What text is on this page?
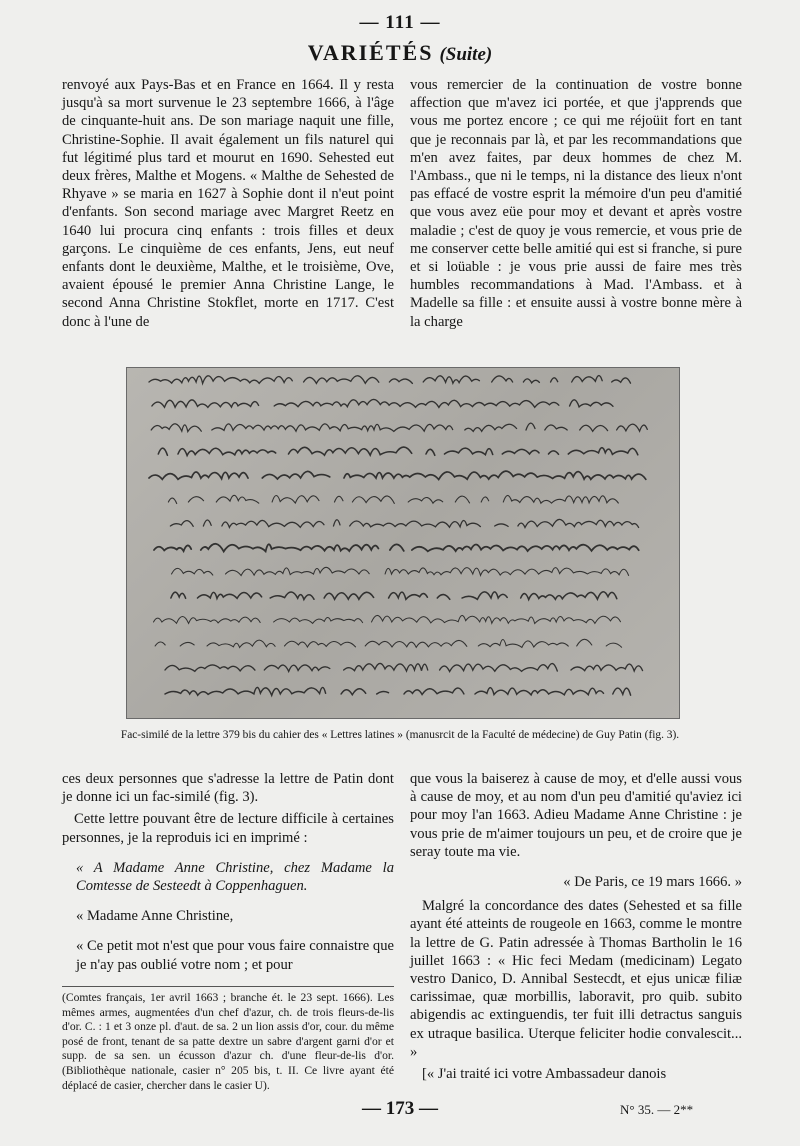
— 111 —
VARIÉTÉS (Suite)

renvoyé aux Pays-Bas et en France en 1664. Il y resta jusqu'à sa mort survenue le 23 septembre 1666, à l'âge de cinquante-huit ans. De son mariage naquit une fille, Christine-Sophie. Il avait également un fils naturel qui fut légitimé plus tard et mourut en 1690. Sehested eut deux frères, Malthe et Mogens. « Malthe de Sehested de Rhyave » se maria en 1627 à Sophie dont il n'eut point d'enfants. Son second mariage avec Margret Reetz en 1640 lui procura cinq enfants : trois filles et deux garçons. Le cinquième de ces enfants, Jens, eut neuf enfants dont le deuxième, Malthe, et le troisième, Ove, avaient épousé le premier Anna Christine Lange, le second Anna Christine Stokflet, morte en 1717. C'est donc à l'une de

vous remercier de la continuation de vostre bonne affection que m'avez ici portée, et que j'apprends que vous me portez encore ; ce qui me réjoüit fort en tant que je reconnais par là, et par les recommandations que m'en avez faites, par deux hommes de chez M. l'Ambass., que ni le temps, ni la distance des lieux n'ont pas effacé de vostre esprit la mémoire d'un peu d'amitié que vous avez eüe pour moy et devant et après vostre maladie ; c'est de quoy je vous remercie, et vous prie de me conserver cette belle amitié qui est si franche, si pure et si loüable : je vous prie aussi de faire mes très humbles recommandations à Mad. l'Ambass. et à Madelle sa fille : et ensuite aussi à vostre bonne mère à la charge

Fac-similé de la lettre 379 bis du cahier des « Lettres latines » (manusrcit de la Faculté de médecine) de Guy Patin (fig. 3).

ces deux personnes que s'adresse la lettre de Patin dont je donne ici un fac-similé (fig. 3).

Cette lettre pouvant être de lecture difficile à certaines personnes, je la reproduis ici en imprimé :

« A Madame Anne Christine, chez Madame la Comtesse de Sesteedt à Coppenhaguen.

« Madame Anne Christine,

« Ce petit mot n'est que pour vous faire connaistre que je n'ay pas oublié votre nom ; et pour

(Comtes français, 1er avril 1663 ; branche ét. le 23 sept. 1666). Les mêmes armes, augmentées d'un chef d'azur, ch. de trois fleurs-de-lis d'or. C. : 1 et 3 onze pl. d'aut. de sa. 2 un lion assis d'or, cour. du même posé de front, tenant de sa patte dextre un sabre d'argent garni d'or et supp. de sa sen. un écusson d'azur ch. d'une fleur-de-lis d'or. (Bibliothèque nationale, casier n° 205 bis, t. II. Ce livre ayant été déplacé de casier, chercher dans le casier U).

que vous la baiserez à cause de moy, et d'elle aussi vous à cause de moy, et au nom d'un peu d'amitié qu'aviez ici pour moy l'an 1663. Adieu Madame Anne Christine : je vous prie de m'aimer toujours un peu, et de croire que je seray toute ma vie.

« De Paris, ce 19 mars 1666. »

Malgré la concordance des dates (Sehested et sa fille ayant été atteints de rougeole en 1663, comme le montre la lettre de G. Patin adressée à Thomas Bartholin le 16 juillet 1663 : « Hic feci Medam (medicinam) Legato vestro Danico, D. Annibal Sestecdt, et ejus unicæ filiæ carissimae, quæ morbillis, laboravit, pro quib. subito abigendis ac extinguendis, ter fuit illi detractus sanguis ex utraque basilica. Uterque feliciter hodie convalescit... »

[« J'ai traité ici votre Ambassadeur danois

— 173 —	N° 35. — 2**
